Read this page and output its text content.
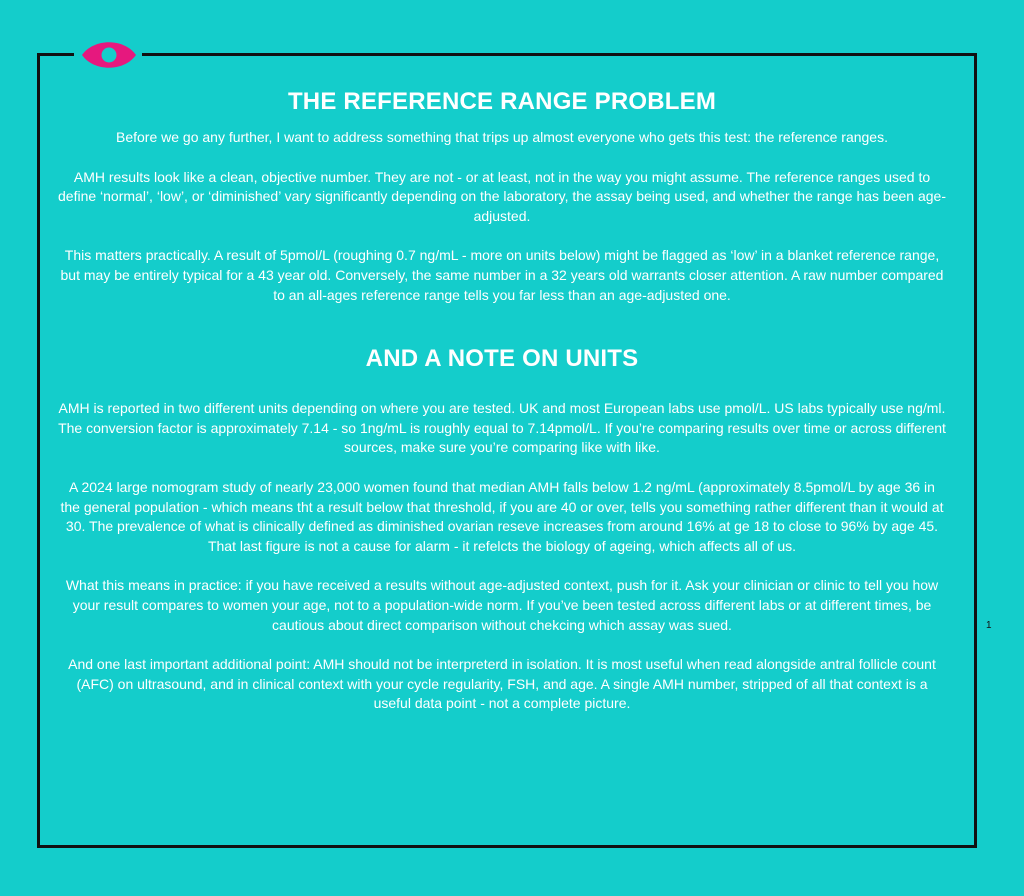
THE REFERENCE RANGE PROBLEM

Before we go any further, I want to address something that trips up almost everyone who gets this test: the reference ranges.

AMH results look like a clean, objective number. They are not - or at least, not in the way you might assume. The reference ranges used to define ‘normal’, ‘low’, or ‘diminished’ vary significantly depending on the laboratory, the assay being used, and whether the range has been age-adjusted.

This matters practically. A result of 5pmol/L (roughing 0.7 ng/mL - more on units below) might be flagged as ‘low’ in a blanket reference range, but may be entirely typical for a 43 year old. Conversely, the same number in a 32 years old warrants closer attention. A raw number compared to an all-ages reference range tells you far less than an age-adjusted one.

AND A NOTE ON UNITS

AMH is reported in two different units depending on where you are tested. UK and most European labs use pmol/L. US labs typically use ng/ml. The conversion factor is approximately 7.14 - so 1ng/mL is roughly equal to 7.14pmol/L. If you’re comparing results over time or across different sources, make sure you’re comparing like with like.

A 2024 large nomogram study of nearly 23,000 women found that median AMH falls below 1.2 ng/mL (approximately 8.5pmol/L by age 36 in the general population - which means tht a result below that threshold, if you are 40 or over, tells you something rather different than it would at 30. The prevalence of what is clinically defined as diminished ovarian reseve increases from around 16% at ge 18 to close to 96% by age 45. That last figure is not a cause for alarm - it refelcts the biology of ageing, which affects all of us.

What this means in practice: if you have received a results without age-adjusted context, push for it. Ask your clinician or clinic to tell you how your result compares to women your age, not to a population-wide norm. If you’ve been tested across different labs or at different times, be cautious about direct comparison without chekcing which assay was sued.

And one last important additional point: AMH should not be interpreterd in isolation. It is most useful when read alongside antral follicle count (AFC) on ultrasound, and in clinical context with your cycle regularity, FSH, and age. A single AMH number, stripped of all that context is a useful data point - not a complete picture.

1
